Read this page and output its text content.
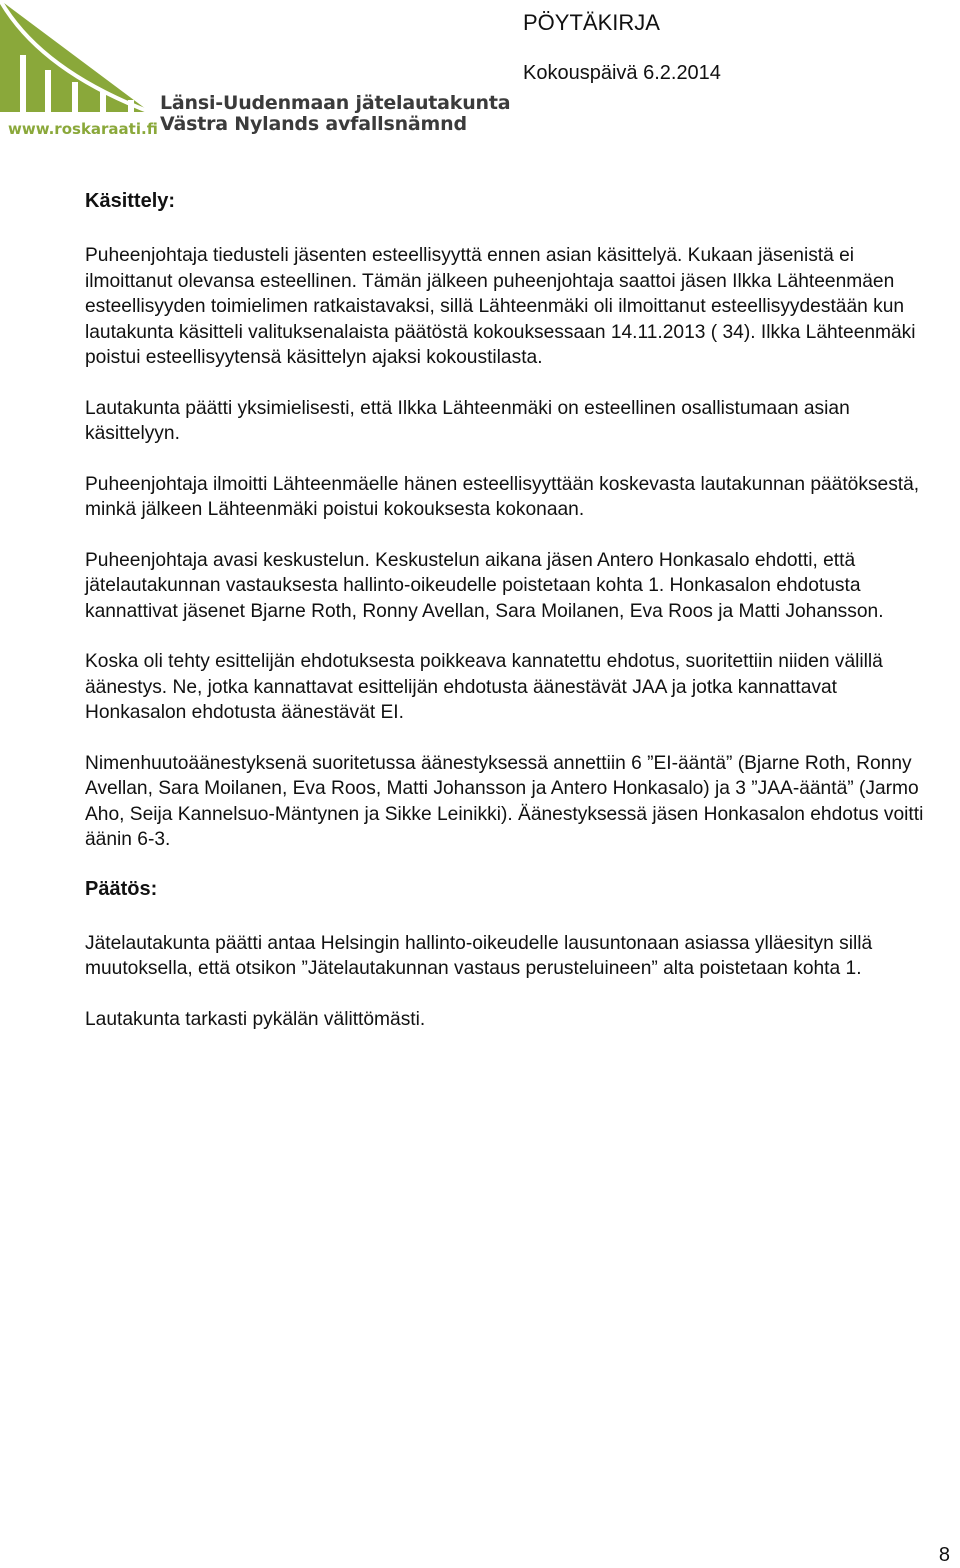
Länsi-Uudenmaan jätelautakunta
Västra Nylands avfallsnämnd
www.roskaraati.fi
PÖYTÄKIRJA
Kokouspäivä 6.2.2014
Käsittely:

Puheenjohtaja tiedusteli jäsenten esteellisyyttä ennen asian käsittelyä. Kukaan jäsenistä ei ilmoittanut olevansa esteellinen. Tämän jälkeen puheenjohtaja saattoi jäsen Ilkka Lähteenmäen esteellisyyden toimielimen ratkaistavaksi, sillä Lähteenmäki oli ilmoittanut esteellisyydestään kun lautakunta käsitteli valituksenalaista päätöstä kokouksessaan 14.11.2013 ( 34). Ilkka Lähteenmäki poistui esteellisyytensä käsittelyn ajaksi kokoustilasta.

Lautakunta päätti yksimielisesti, että Ilkka Lähteenmäki on esteellinen osallistumaan asian käsittelyyn.

Puheenjohtaja ilmoitti Lähteenmäelle hänen esteellisyyttään koskevasta lautakunnan päätöksestä, minkä jälkeen Lähteenmäki poistui kokouksesta kokonaan.

Puheenjohtaja avasi keskustelun. Keskustelun aikana jäsen Antero Honkasalo ehdotti, että jätelautakunnan vastauksesta hallinto-oikeudelle poistetaan kohta 1. Honkasalon ehdotusta kannattivat jäsenet Bjarne Roth, Ronny Avellan, Sara Moilanen, Eva Roos ja Matti Johansson.

Koska oli tehty esittelijän ehdotuksesta poikkeava kannatettu ehdotus, suoritettiin niiden välillä äänestys. Ne, jotka kannattavat esittelijän ehdotusta äänestävät JAA ja jotka kannattavat Honkasalon ehdotusta äänestävät EI.

Nimenhuutoäänestyksenä suoritetussa äänestyksessä annettiin 6 ”EI-ääntä” (Bjarne Roth, Ronny Avellan, Sara Moilanen, Eva Roos, Matti Johansson ja Antero Honkasalo) ja 3 ”JAA-ääntä” (Jarmo Aho, Seija Kannelsuo-Mäntynen ja Sikke Leinikki). Äänestyksessä jäsen Honkasalon ehdotus voitti äänin 6-3.

Päätös:

Jätelautakunta päätti antaa Helsingin hallinto-oikeudelle lausuntonaan asiassa ylläesityn sillä muutoksella, että otsikon ”Jätelautakunnan vastaus perusteluineen” alta poistetaan kohta 1.

Lautakunta tarkasti pykälän välittömästi.

8
